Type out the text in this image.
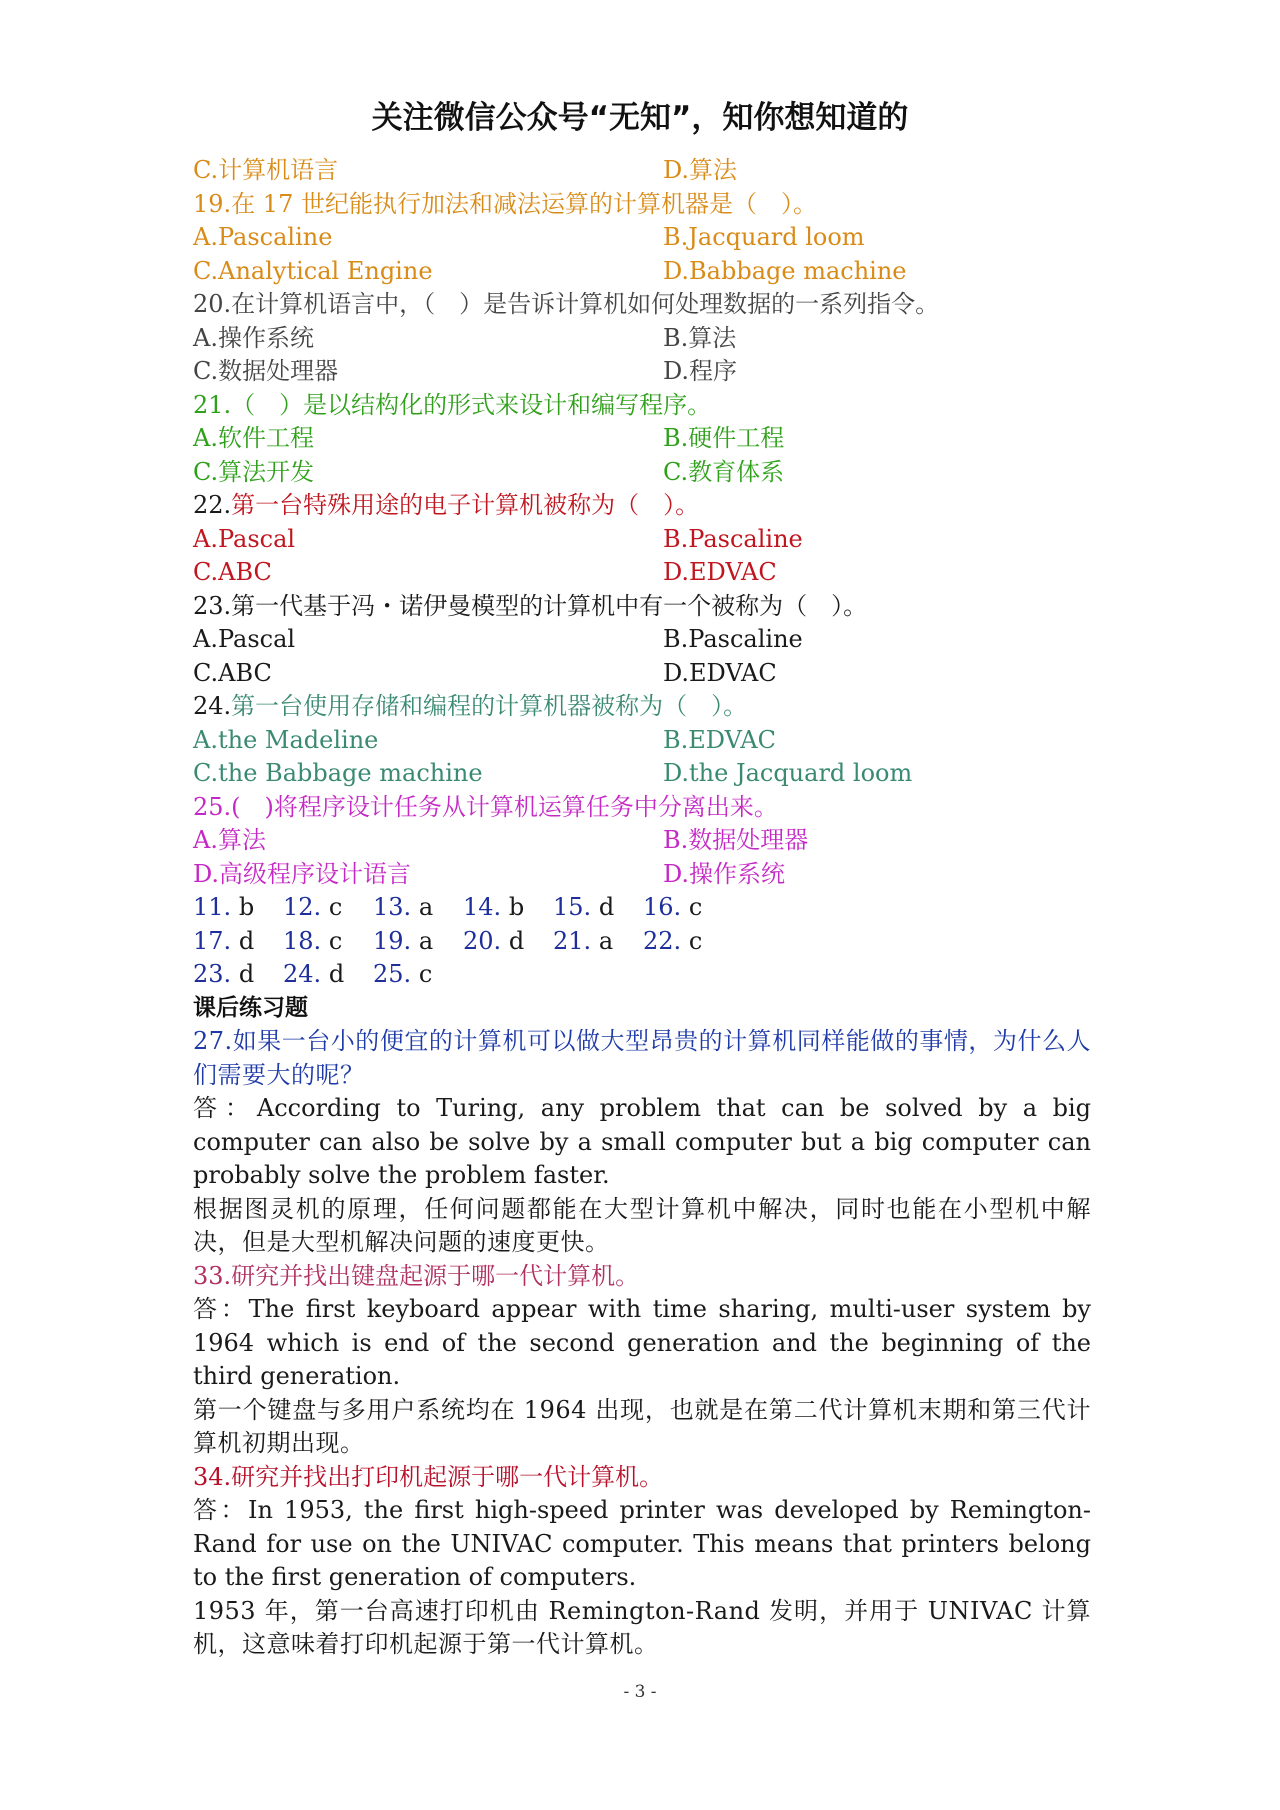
关注微信公众号“无知”，知你想知道的
C.计算机语言	D.算法
19.在 17 世纪能执行加法和减法运算的计算机器是（　）。
A.Pascaline	B.Jacquard loom
C.Analytical Engine	D.Babbage machine
20.在计算机语言中，（　）是告诉计算机如何处理数据的一系列指令。
A.操作系统	B.算法
C.数据处理器	D.程序
21.（　）是以结构化的形式来设计和编写程序。
A.软件工程	B.硬件工程
C.算法开发	C.教育体系
22.第一台特殊用途的电子计算机被称为（　）。
A.Pascal	B.Pascaline
C.ABC	D.EDVAC
23.第一代基于冯・诺伊曼模型的计算机中有一个被称为（　）。
A.Pascal	B.Pascaline
C.ABC	D.EDVAC
24.第一台使用存储和编程的计算机器被称为（　）。
A.the Madeline	B.EDVAC
C.the Babbage machine	D.the Jacquard loom
25.(　)将程序设计任务从计算机运算任务中分离出来。
A.算法	B.数据处理器
D.高级程序设计语言	D.操作系统
11. b	12. c	13. a	14. b	15. d	16. c
17. d	18. c	19. a	20. d	21. a	22. c
23. d	24. d	25. c
课后练习题
27.如果一台小的便宜的计算机可以做大型昂贵的计算机同样能做的事情，为什么人们需要大的呢？
答：According to Turing, any problem that can be solved by a big computer can also be solve by a small computer but a big computer can probably solve the problem faster.
根据图灵机的原理，任何问题都能在大型计算机中解决，同时也能在小型机中解决，但是大型机解决问题的速度更快。
33.研究并找出键盘起源于哪一代计算机。
答：The first keyboard appear with time sharing, multi-user system by 1964 which is end of the second generation and the beginning of the third generation.
第一个键盘与多用户系统均在 1964 出现，也就是在第二代计算机末期和第三代计算机初期出现。
34.研究并找出打印机起源于哪一代计算机。
答：In 1953, the first high-speed printer was developed by Remington-Rand for use on the UNIVAC computer. This means that printers belong to the first generation of computers.
1953 年，第一台高速打印机由 Remington-Rand 发明，并用于 UNIVAC 计算机，这意味着打印机起源于第一代计算机。
- 3 -
